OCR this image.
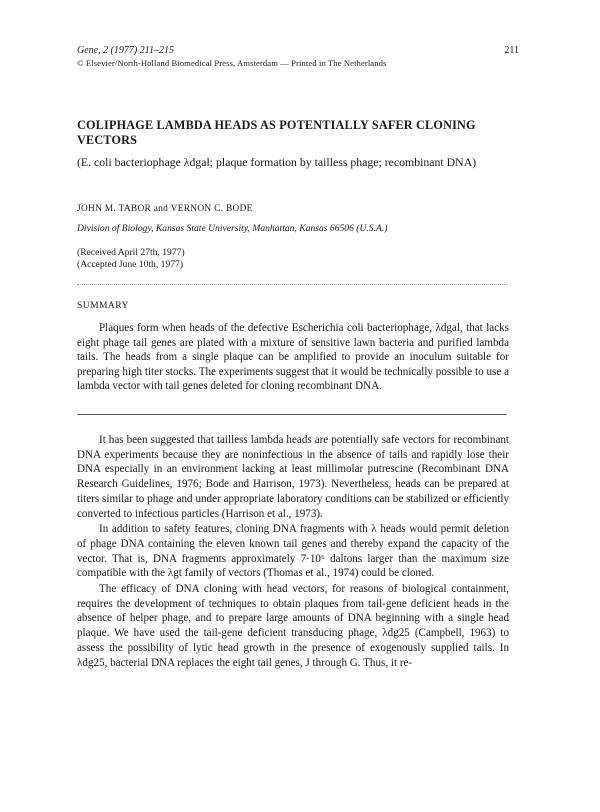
Gene, 2 (1977) 211–215	211
© Elsevier/North-Holland Biomedical Press, Amsterdam — Printed in The Netherlands
COLIPHAGE LAMBDA HEADS AS POTENTIALLY SAFER CLONING VECTORS
(E. coli bacteriophage λdgal; plaque formation by tailless phage; recombinant DNA)
JOHN M. TABOR and VERNON C. BODE
Division of Biology, Kansas State University, Manhattan, Kansas 66506 (U.S.A.)
(Received April 27th, 1977)
(Accepted June 10th, 1977)
SUMMARY

Plaques form when heads of the defective Escherichia coli bacteriophage, λdgal, that lacks eight phage tail genes are plated with a mixture of sensitive lawn bacteria and purified lambda tails. The heads from a single plaque can be amplified to provide an inoculum suitable for preparing high titer stocks. The experiments suggest that it would be technically possible to use a lambda vector with tail genes deleted for cloning recombinant DNA.

It has been suggested that tailless lambda heads are potentially safe vectors for recombinant DNA experiments because they are noninfectious in the absence of tails and rapidly lose their DNA especially in an environment lacking at least millimolar putrescine (Recombinant DNA Research Guidelines, 1976; Bode and Harrison, 1973). Nevertheless, heads can be prepared at titers similar to phage and under appropriate laboratory conditions can be stabilized or efficiently converted to infectious particles (Harrison et al., 1973).

In addition to safety features, cloning DNA fragments with λ heads would permit deletion of phage DNA containing the eleven known tail genes and thereby expand the capacity of the vector. That is, DNA fragments approximately 7·10⁶ daltons larger than the maximum size compatible with the λgt family of vectors (Thomas et al., 1974) could be cloned.

The efficacy of DNA cloning with head vectors, for reasons of biological containment, requires the development of techniques to obtain plaques from tail-gene deficient heads in the absence of helper phage, and to prepare large amounts of DNA beginning with a single head plaque. We have used the tail-gene deficient transducing phage, λdg25 (Campbell, 1963) to assess the possibility of lytic head growth in the presence of exogenously supplied tails. In λdg25, bacterial DNA replaces the eight tail genes, J through G. Thus, it re-
